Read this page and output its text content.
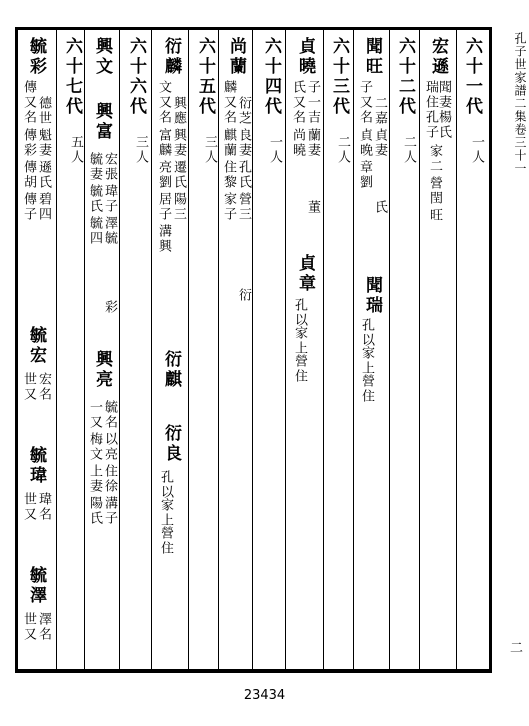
孔子世家譜二集卷三十一
二
六十一代
一人
宏遜
聞妻楊氏
瑞住孔子
家二
營閏
旺
六十二代
二人
聞旺
子又名 二嘉
貞晚 貞妻
章劉
氏
聞瑞
孔以
家上
營住
六十三代
二人
貞曉
氏又名 子一吉
尚曉 蘭妻
董
貞章
孔以
家上
營住
六十四代
一人
尚蘭
麟又名 衍芝
麒蘭 良妻
住黎 孔氏
家子 營三
衍
六十五代
三人
衍麟
文又名 興應
富麟 興妻
亮劉 遷氏
居子 陽三
溝興
衍麒
衍良
孔以
家上
營住
六十六代
三人
興文
興富
毓妻 宏張
毓氏 瑋子
毓四 澤毓
彩
興亮
一又 毓名
梅文 以亮
上妻 住徐
陽氏 溝子
六十七代
五人
毓彩
傳又名 德世
傳彩 魁妻
傳胡 遜氏
傳子 碧四
毓宏
世又 宏名
毓瑋
世又 瑋名
毓澤
世又 澤名
23434
